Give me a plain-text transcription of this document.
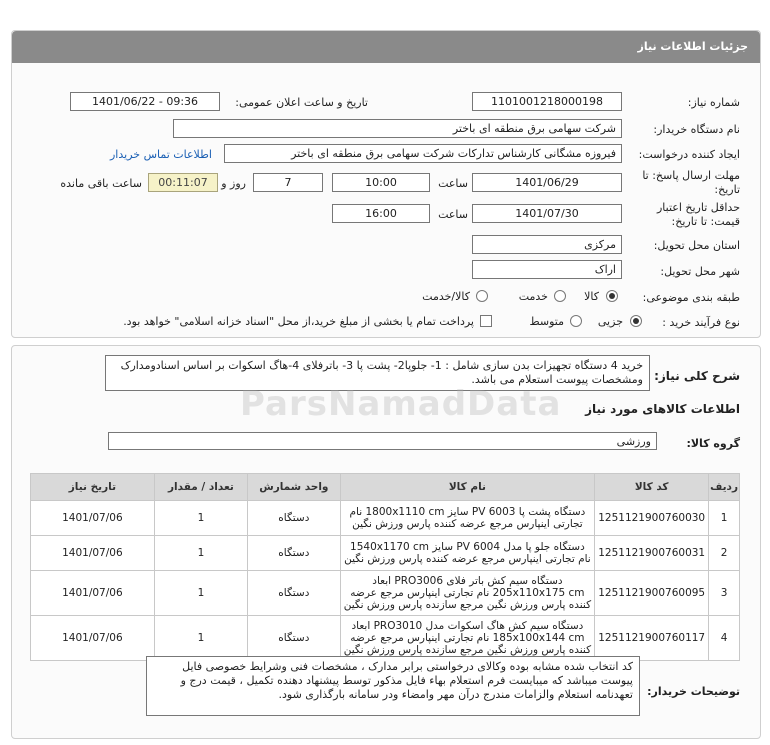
جزئیات اطلاعات نیاز
شماره نیاز:
1101001218000198
تاریخ و ساعت اعلان عمومی:
1401/06/22 - 09:36
نام دستگاه خریدار:
شرکت سهامی برق منطقه ای باختر
ایجاد کننده درخواست:
فیروزه مشگانی کارشناس تدارکات شرکت سهامی برق منطقه ای باختر
اطلاعات تماس خریدار
مهلت ارسال پاسخ: تا
تاریخ:
1401/06/29
ساعت
10:00
7
روز و
00:11:07
ساعت باقی مانده
حداقل تاریخ اعتبار
قیمت: تا تاریخ:
1401/07/30
ساعت
16:00
استان محل تحویل:
مرکزی
شهر محل تحویل:
اراک
طبقه بندی موضوعی:
کالا
خدمت
کالا/خدمت
نوع فرآیند خرید :
جزیی
متوسط
پرداخت تمام یا بخشی از مبلغ خرید،از محل "اسناد خزانه اسلامی" خواهد بود.
شرح کلی نیاز:
خرید 4 دستگاه تجهیزات بدن سازی شامل : 1- جلوپا2- پشت پا 3- باترفلای 4-هاگ اسکوات بر اساس اسنادومدارک ومشخصات پیوست استعلام می باشد.
ParsNamadData اطلاعات کالاهای مورد نیاز
گروه کالا:
ورزشی
ردیف	کد کالا	نام کالا	واحد شمارش	تعداد / مقدار	تاریخ نیاز
1	1251121900760030	دستگاه پشت پا PV 6003 سایز 1800x1110 cm نام تجارتی اینپارس مرجع عرضه کننده پارس ورزش نگین	دستگاه	1	1401/07/06
2	1251121900760031	دستگاه جلو پا مدل PV 6004 سایز 1540x1170 cm نام تجارتی اینپارس مرجع عرضه کننده پارس ورزش نگین	دستگاه	1	1401/07/06
3	1251121900760095	دستگاه سیم کش باتر فلای PRO3006 ابعاد 205x110x175 cm نام تجارتی اینپارس مرجع عرضه کننده پارس ورزش نگین مرجع سازنده پارس ورزش نگین	دستگاه	1	1401/07/06
4	1251121900760117	دستگاه سیم کش هاگ اسکوات مدل PRO3010 ابعاد 185x100x144 cm نام تجارتی اینپارس مرجع عرضه کننده پارس ورزش نگین مرجع سازنده پارس ورزش نگین	دستگاه	1	1401/07/06
توضیحات خریدار:
کد انتخاب شده مشابه بوده وکالای درخواستی برابر مدارک ، مشخصات فنی وشرایط خصوصی فایل پیوست میباشد که میبایست فرم استعلام بهاء فایل مذکور توسط پیشنهاد دهنده تکمیل ، قیمت درج و تعهدنامه استعلام والزامات مندرج درآن مهر وامضاء ودر سامانه بارگذاری شود.
